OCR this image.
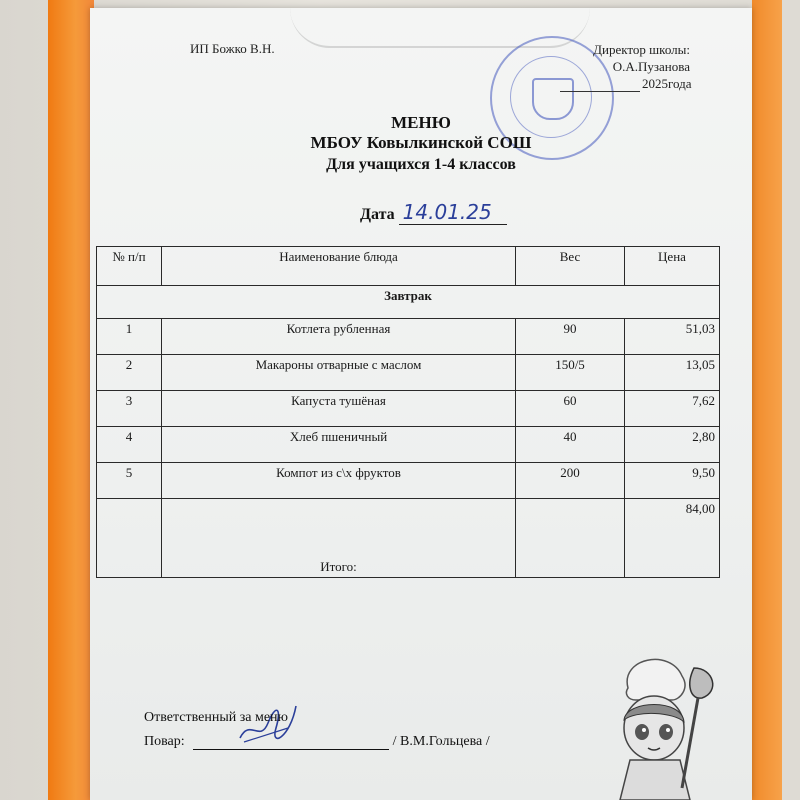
ИП Божко В.Н.	Директор школы:
О.А.Пузанова
2025года
МЕНЮ
МБОУ Ковылкинской СОШ
Для учащихся 1-4 классов
Дата 14.01.25
№ п/п	Наименование блюда	Вес	Цена
Завтрак			
1	Котлета рубленная	90	51,03
2	Макароны отварные с маслом	150/5	13,05
3	Капуста тушёная	60	7,62
4	Хлеб пшеничный	40	2,80
5	Компот из с\х фруктов	200	9,50
	Итого:		84,00
Ответственный за меню
Повар:	/ В.М.Гольцева /
